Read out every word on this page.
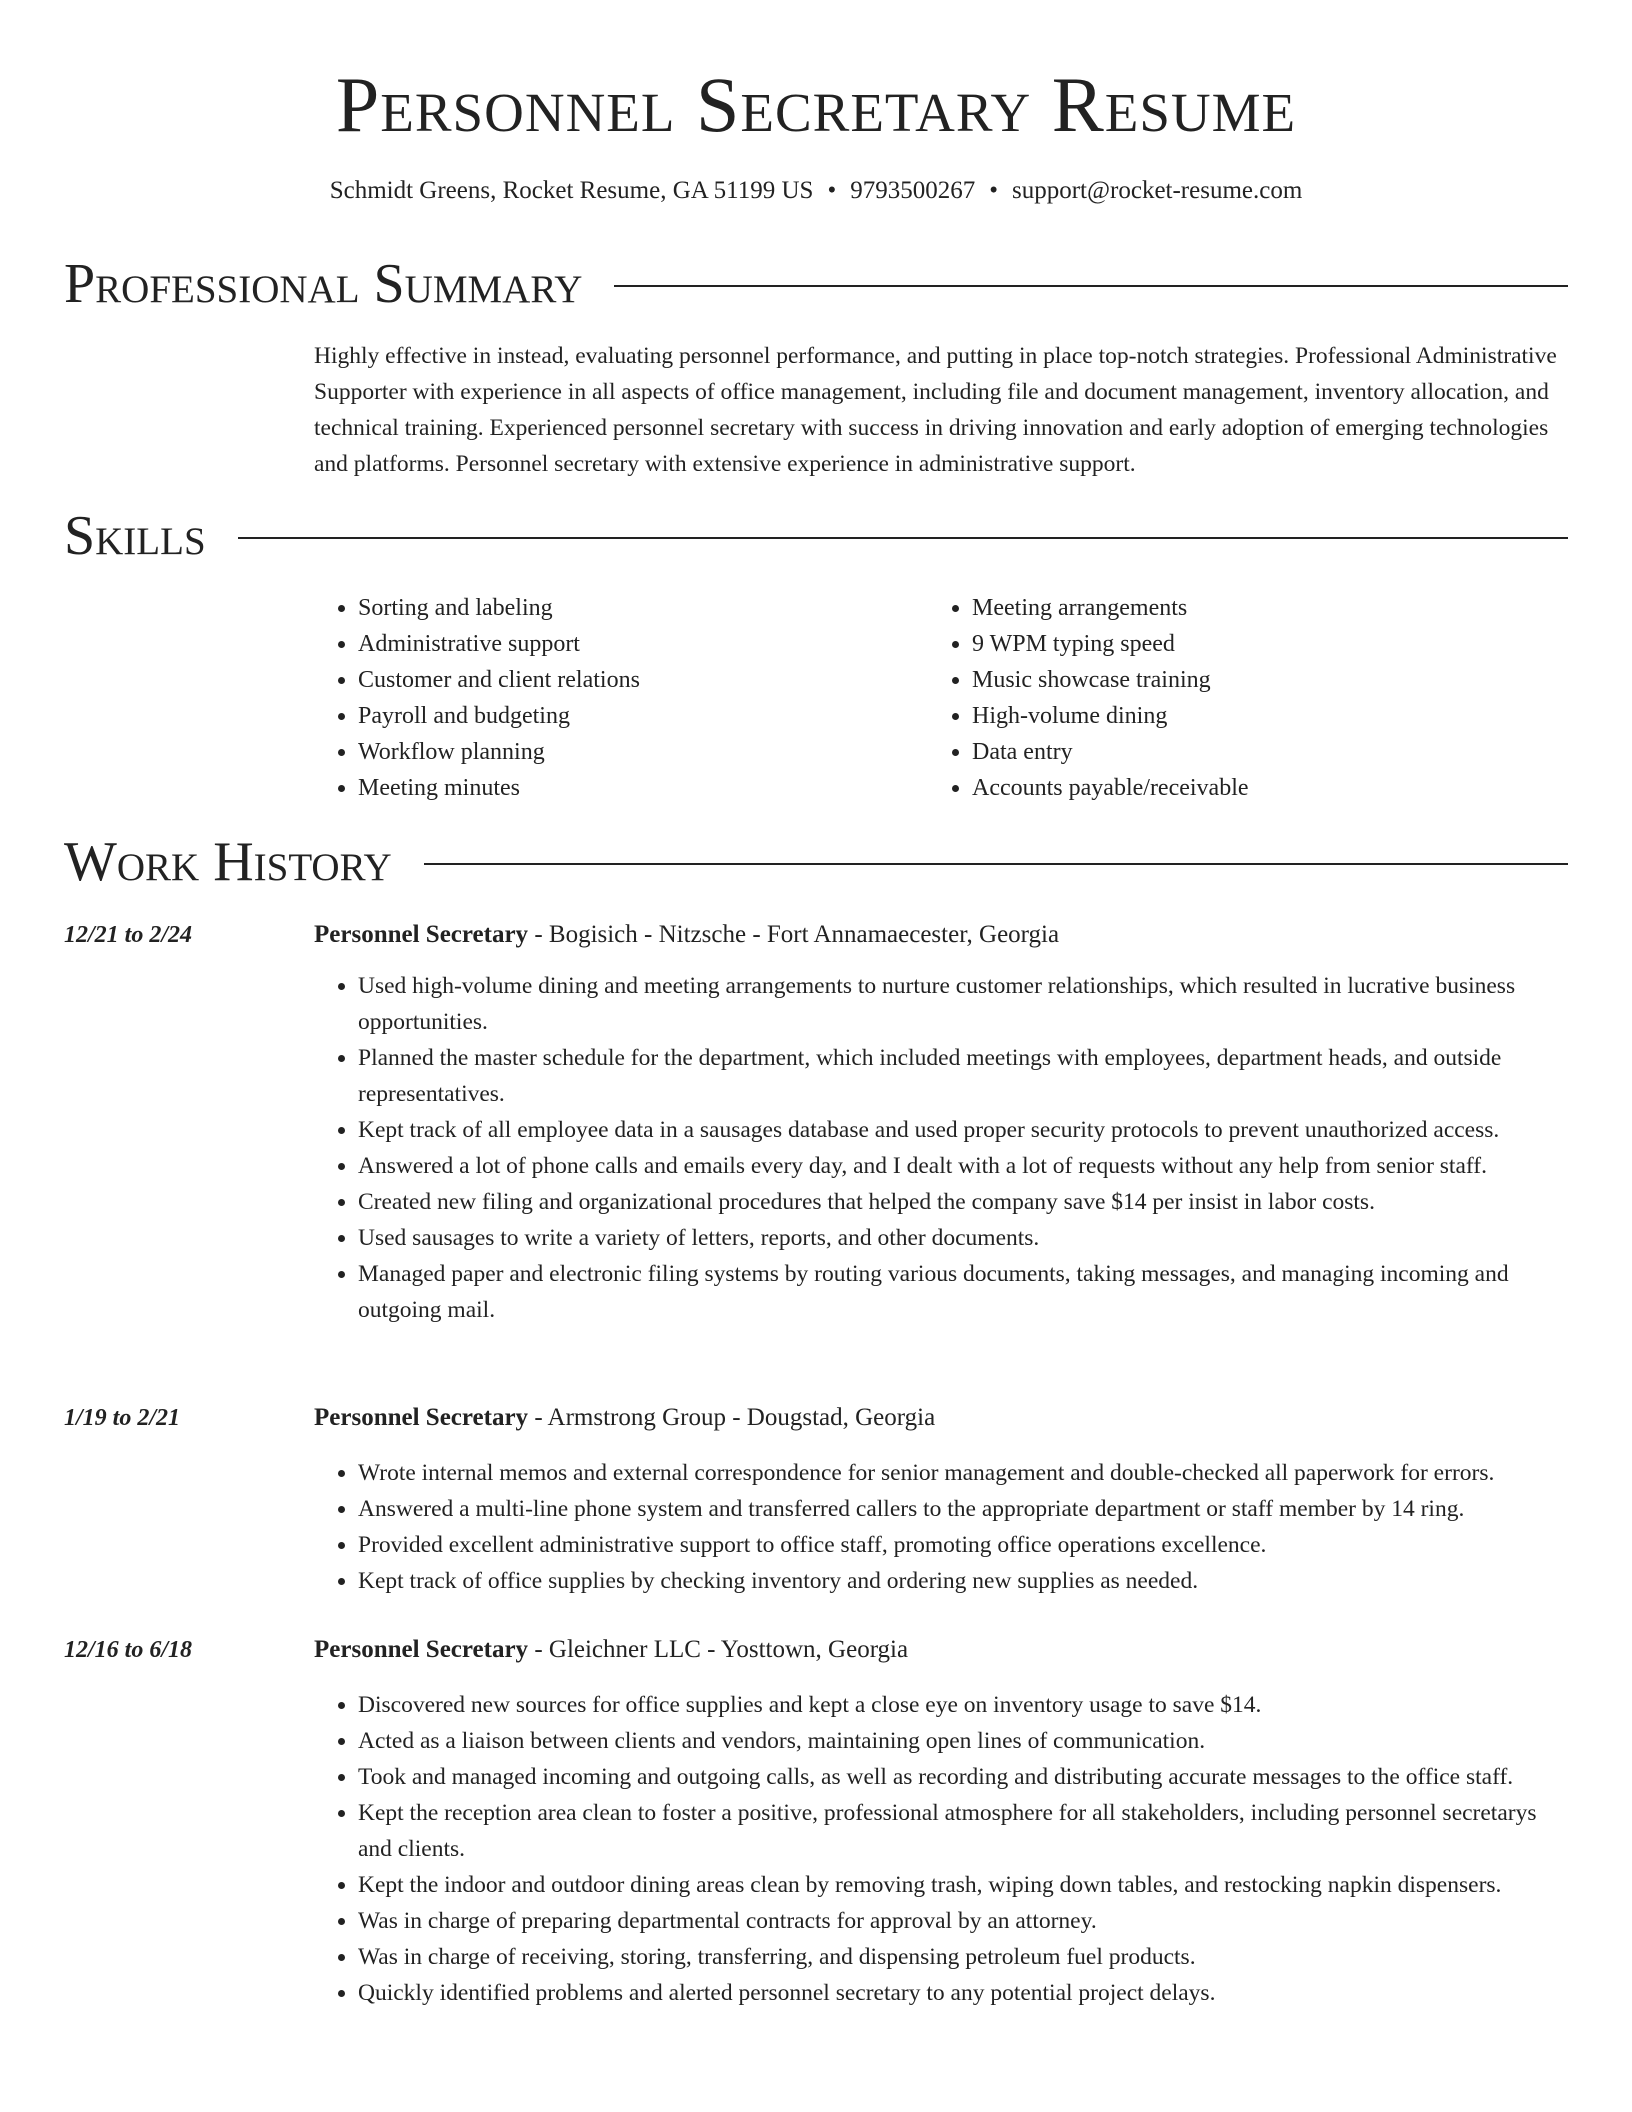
Personnel Secretary Resume
Schmidt Greens, Rocket Resume, GA 51199 US • 9793500267 • support@rocket-resume.com
Professional Summary

Highly effective in instead, evaluating personnel performance, and putting in place top-notch strategies. Professional Administrative Supporter with experience in all aspects of office management, including file and document management, inventory allocation, and technical training. Experienced personnel secretary with success in driving innovation and early adoption of emerging technologies and platforms. Personnel secretary with extensive experience in administrative support.

Skills
• Sorting and labeling
• Administrative support
• Customer and client relations
• Payroll and budgeting
• Workflow planning
• Meeting minutes
• Meeting arrangements
• 9 WPM typing speed
• Music showcase training
• High-volume dining
• Data entry
• Accounts payable/receivable
Work History
12/21 to 2/24	Personnel Secretary - Bogisich - Nitzsche - Fort Annamaecester, Georgia
• Used high-volume dining and meeting arrangements to nurture customer relationships, which resulted in lucrative business opportunities.
• Planned the master schedule for the department, which included meetings with employees, department heads, and outside representatives.
• Kept track of all employee data in a sausages database and used proper security protocols to prevent unauthorized access.
• Answered a lot of phone calls and emails every day, and I dealt with a lot of requests without any help from senior staff.
• Created new filing and organizational procedures that helped the company save $14 per insist in labor costs.
• Used sausages to write a variety of letters, reports, and other documents.
• Managed paper and electronic filing systems by routing various documents, taking messages, and managing incoming and outgoing mail.
1/19 to 2/21	Personnel Secretary - Armstrong Group - Dougstad, Georgia
• Wrote internal memos and external correspondence for senior management and double-checked all paperwork for errors.
• Answered a multi-line phone system and transferred callers to the appropriate department or staff member by 14 ring.
• Provided excellent administrative support to office staff, promoting office operations excellence.
• Kept track of office supplies by checking inventory and ordering new supplies as needed.
12/16 to 6/18	Personnel Secretary - Gleichner LLC - Yosttown, Georgia
• Discovered new sources for office supplies and kept a close eye on inventory usage to save $14.
• Acted as a liaison between clients and vendors, maintaining open lines of communication.
• Took and managed incoming and outgoing calls, as well as recording and distributing accurate messages to the office staff.
• Kept the reception area clean to foster a positive, professional atmosphere for all stakeholders, including personnel secretarys and clients.
• Kept the indoor and outdoor dining areas clean by removing trash, wiping down tables, and restocking napkin dispensers.
• Was in charge of preparing departmental contracts for approval by an attorney.
• Was in charge of receiving, storing, transferring, and dispensing petroleum fuel products.
• Quickly identified problems and alerted personnel secretary to any potential project delays.
